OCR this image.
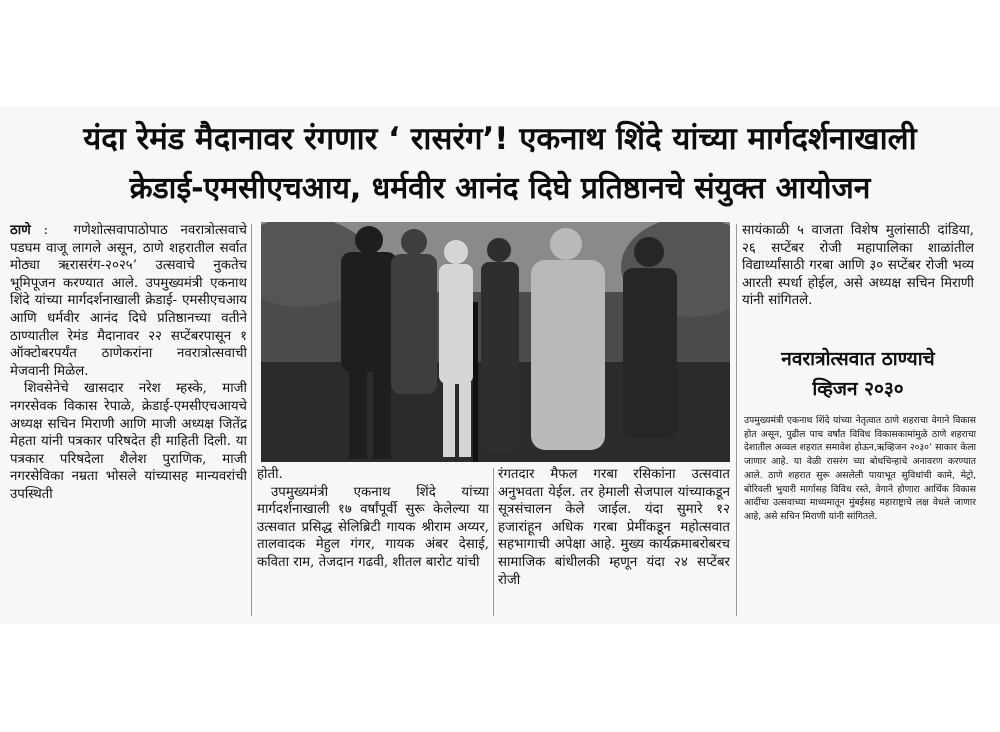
यंदा रेमंड मैदानावर रंगणार ‘ रासरंग’! एकनाथ शिंदे यांच्या मार्गदर्शनाखाली
क्रेडाई-एमसीएचआय, धर्मवीर आनंद दिघे प्रतिष्ठानचे संयुक्त आयोजन

ठाणे :  गणेशोत्सवापाठोपाठ नवरात्रोत्सवाचे पडघम वाजू लागले असून, ठाणे शहरातील सर्वात मोठ्या ऋरासरंग-२०२५’ उत्सवाचे नुकतेच भूमिपूजन करण्यात आले. उपमुख्यमंत्री एकनाथ शिंदे यांच्या मार्गदर्शनाखाली क्रेडाई- एमसीएचआय आणि धर्मवीर आनंद दिघे प्रतिष्ठानच्या वतीने ठाण्यातील रेमंड मैदानावर २२ सप्टेंबरपासून १ ऑक्टोबरपर्यंत ठाणेकरांना नवरात्रोत्सवाची मेजवानी मिळेल.

शिवसेनेचे खासदार नरेश म्हस्के, माजी नगरसेवक विकास रेपाळे, क्रेडाई-एमसीएचआयचे अध्यक्ष सचिन मिराणी आणि माजी अध्यक्ष जितेंद्र मेहता यांनी पत्रकार परिषदेत ही माहिती दिली. या पत्रकार परिषदेला शैलेश पुराणिक, माजी नगरसेविका नम्रता भोसले यांच्यासह मान्यवरांची उपस्थिती

होती.

उपमुख्यमंत्री एकनाथ शिंदे यांच्या मार्गदर्शनाखाली १७ वर्षांपूर्वी सुरू केलेल्या या उत्सवात प्रसिद्ध सेलिब्रिटी गायक श्रीराम अय्यर, तालवादक मेहुल गंगर, गायक अंबर देसाई, कविता राम, तेजदान गढवी, शीतल बारोट यांची

रंगतदार मैफल गरबा रसिकांना उत्सवात अनुभवता येईल. तर हेमाली सेजपाल यांच्याकडून सूत्रसंचालन केले जाईल. यंदा सुमारे १२ हजारांहून अधिक गरबा प्रेमींकडून महोत्सवात सहभागाची अपेक्षा आहे. मुख्य कार्यक्रमाबरोबरच सामाजिक बांधीलकी म्हणून यंदा २४ सप्टेंबर रोजी

सायंकाळी ५ वाजता विशेष मुलांसाठी दांडिया, २६ सप्टेंबर रोजी महापालिका शाळांतील विद्यार्थ्यांसाठी गरबा आणि ३० सप्टेंबर रोजी भव्य आरती स्पर्धा होईल, असे अध्यक्ष सचिन मिराणी यांनी सांगितले.

नवरात्रोत्सवात ठाण्याचे
व्हिजन २०३०
उपमुख्यमंत्री एकनाथ शिंदे यांच्या नेतृत्वात ठाणे शहराचा वेगाने विकास होत असून, पुढील पाच वर्षांत विविध विकासकामांमुळे ठाणे शहराचा देशातील अव्वल शहरात समावेश होऊन,ऋव्हिजन २०३०’ साकार केला जाणार आहे. या वेळी रासरंग च्या बोधचिन्हाचे अनावरण करण्यात आले. ठाणे शहरात सुरू असलेली पायाभूत सुविधांची कामे, मेट्रो, बोरिवली भुयारी मार्गासह विविध रस्ते, वेगाने होणारा आर्थिक विकास आदींचा उत्सवाच्या माध्यमातून मुंबईसह महाराष्ट्राचे लक्ष वेधले जाणार आहे, असे सचिन मिराणी यांनी सांगितले.
